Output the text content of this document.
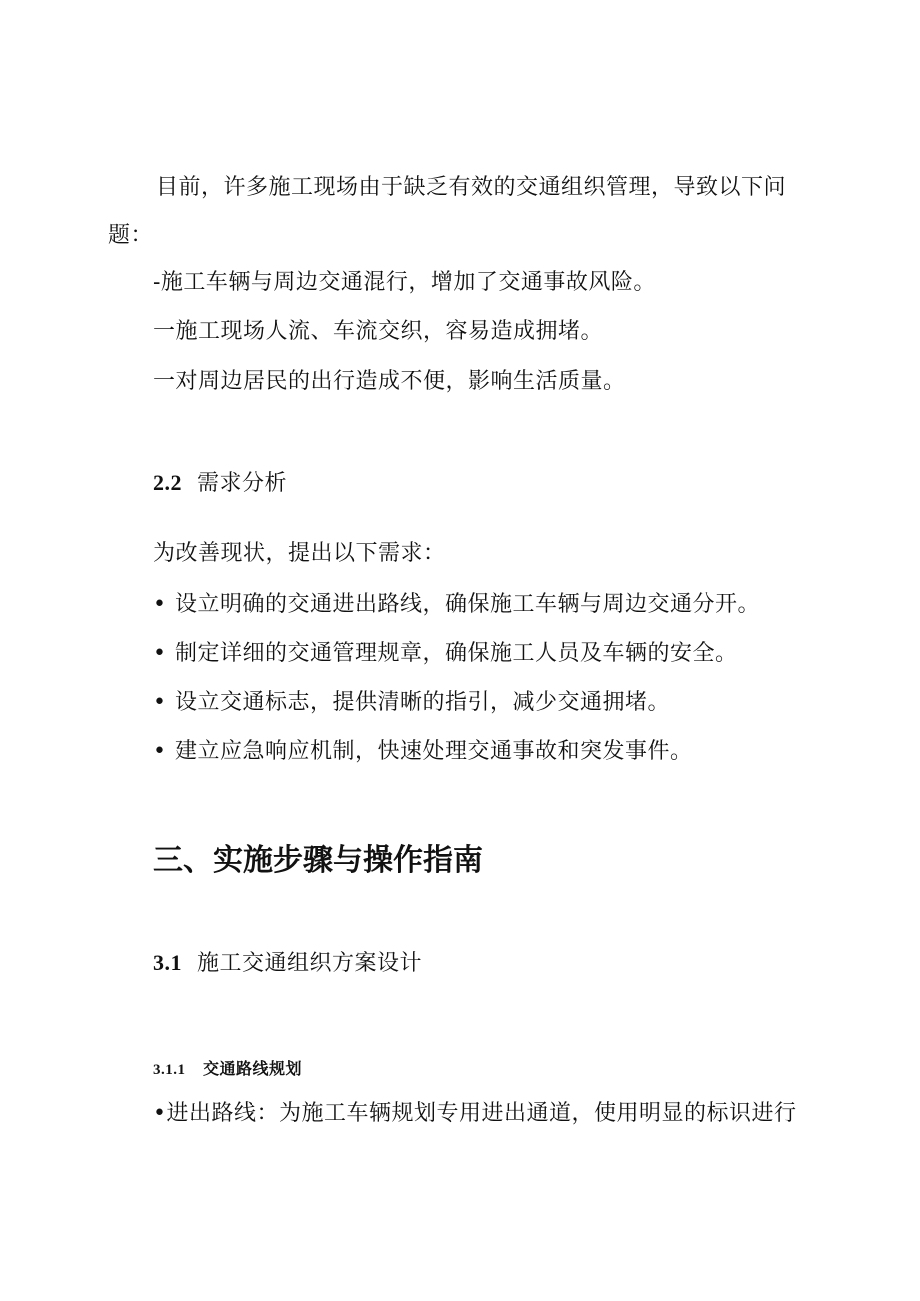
目前，许多施工现场由于缺乏有效的交通组织管理，导致以下问
题：
-施工车辆与周边交通混行，增加了交通事故风险。
一施工现场人流、车流交织，容易造成拥堵。
一对周边居民的出行造成不便，影响生活质量。
2.2 需求分析
为改善现状，提出以下需求：
• 设立明确的交通进出路线，确保施工车辆与周边交通分开。
• 制定详细的交通管理规章，确保施工人员及车辆的安全。
• 设立交通标志，提供清晰的指引，减少交通拥堵。
• 建立应急响应机制，快速处理交通事故和突发事件。
三、实施步骤与操作指南
3.1 施工交通组织方案设计
3.1.1 交通路线规划
•进出路线：为施工车辆规划专用进出通道，使用明显的标识进行
